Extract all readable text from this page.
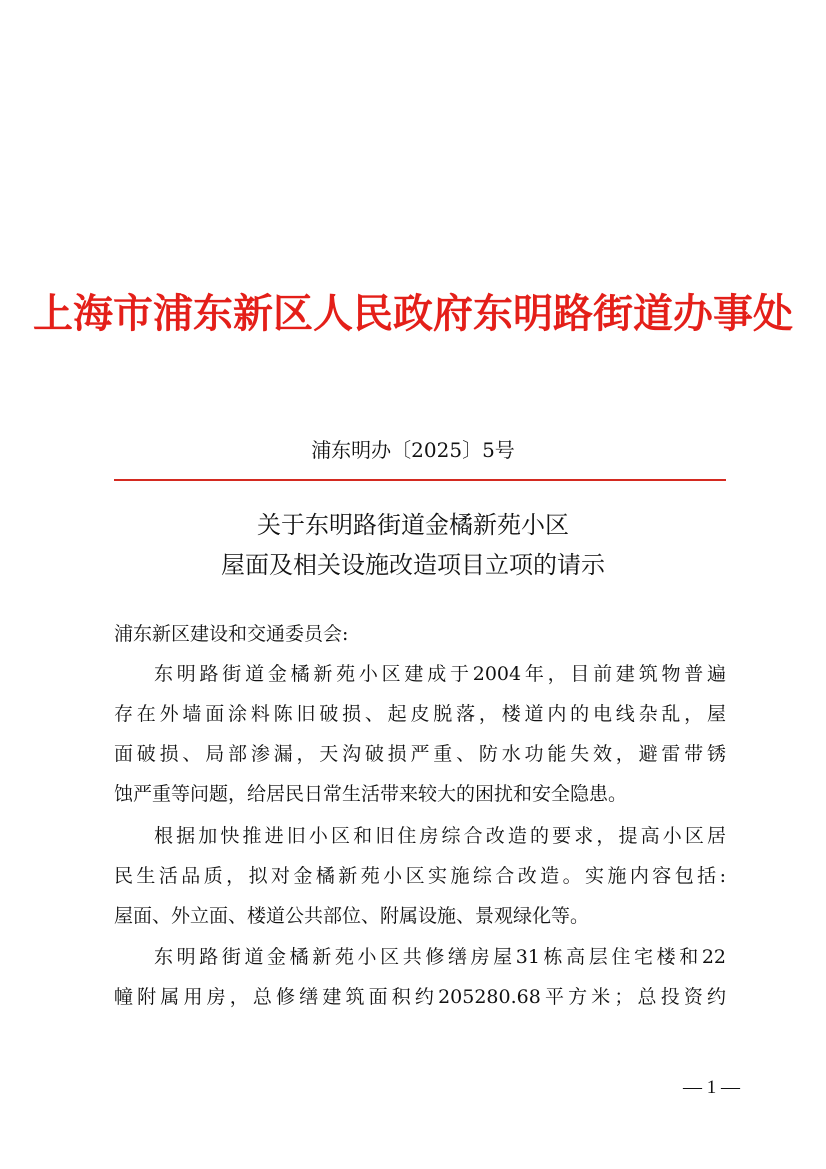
上海市浦东新区人民政府东明路街道办事处
浦东明办〔2025〕5号
关于东明路街道金橘新苑小区
屋面及相关设施改造项目立项的请示
浦东新区建设和交通委员会:
东明路街道金橘新苑小区建成于2004年，目前建筑物普遍
存在外墙面涂料陈旧破损、起皮脱落，楼道内的电线杂乱，屋
面破损、局部渗漏，天沟破损严重、防水功能失效，避雷带锈
蚀严重等问题，给居民日常生活带来较大的困扰和安全隐患。
根据加快推进旧小区和旧住房综合改造的要求，提高小区居
民生活品质，拟对金橘新苑小区实施综合改造。实施内容包括:
屋面、外立面、楼道公共部位、附属设施、景观绿化等。
东明路街道金橘新苑小区共修缮房屋31栋高层住宅楼和22
幢附属用房，总修缮建筑面积约205280.68平方米；总投资约
— 1 —
